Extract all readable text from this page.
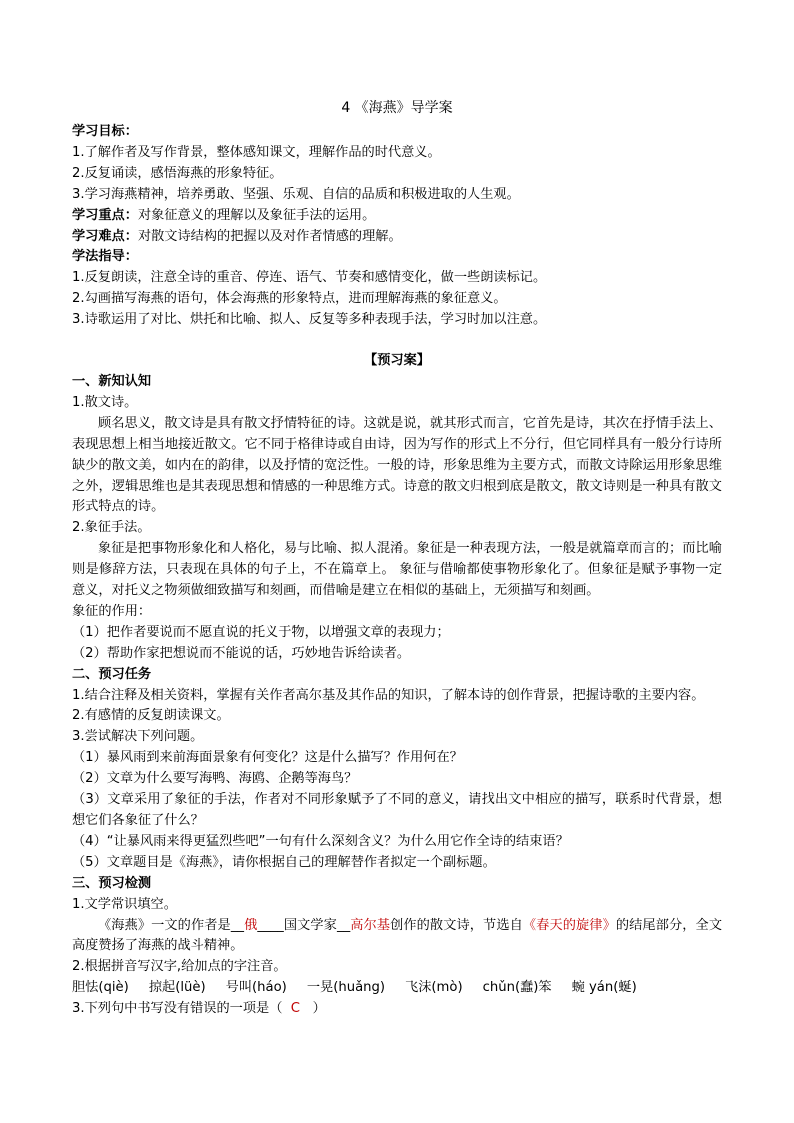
4 《海燕》导学案
学习目标：
1.了解作者及写作背景，整体感知课文，理解作品的时代意义。
2.反复诵读，感悟海燕的形象特征。
3.学习海燕精神，培养勇敢、坚强、乐观、自信的品质和积极进取的人生观。
学习重点：对象征意义的理解以及象征手法的运用。
学习难点：对散文诗结构的把握以及对作者情感的理解。
学法指导：
1.反复朗读，注意全诗的重音、停连、语气、节奏和感情变化，做一些朗读标记。
2.勾画描写海燕的语句，体会海燕的形象特点，进而理解海燕的象征意义。
3.诗歌运用了对比、烘托和比喻、拟人、反复等多种表现手法，学习时加以注意。
【预习案】
一、新知认知
1.散文诗。
顾名思义，散文诗是具有散文抒情特征的诗。这就是说，就其形式而言，它首先是诗，其次在抒情手法上、表现思想上相当地接近散文。它不同于格律诗或自由诗，因为写作的形式上不分行，但它同样具有一般分行诗所缺少的散文美，如内在的韵律，以及抒情的宽泛性。一般的诗，形象思维为主要方式，而散文诗除运用形象思维之外，逻辑思维也是其表现思想和情感的一种思维方式。诗意的散文归根到底是散文，散文诗则是一种具有散文形式特点的诗。
2.象征手法。
象征是把事物形象化和人格化，易与比喻、拟人混淆。象征是一种表现方法，一般是就篇章而言的；而比喻则是修辞方法，只表现在具体的句子上，不在篇章上。 象征与借喻都使事物形象化了。但象征是赋予事物一定意义，对托义之物须做细致描写和刻画，而借喻是建立在相似的基础上，无须描写和刻画。
象征的作用：
（1）把作者要说而不愿直说的托义于物，以增强文章的表现力；
（2）帮助作家把想说而不能说的话，巧妙地告诉给读者。
二、预习任务
1.结合注释及相关资料，掌握有关作者高尔基及其作品的知识，了解本诗的创作背景，把握诗歌的主要内容。
2.有感情的反复朗读课文。
3.尝试解决下列问题。
（1）暴风雨到来前海面景象有何变化？这是什么描写？作用何在？
（2）文章为什么要写海鸭、海鸥、企鹅等海鸟？
（3）文章采用了象征的手法，作者对不同形象赋予了不同的意义，请找出文中相应的描写，联系时代背景，想想它们各象征了什么？
（4）“让暴风雨来得更猛烈些吧”一句有什么深刻含义？为什么用它作全诗的结束语？
（5）文章题目是《海燕》，请你根据自己的理解替作者拟定一个副标题。
三、预习检测
1.文学常识填空。
《海燕》一文的作者是__俄____国文学家__高尔基创作的散文诗，节选自《春天的旋律》的结尾部分，全文高度赞扬了海燕的战斗精神。
2.根据拼音写汉字,给加点的字注音。
胆怯(qiè) 掠起(lüè) 号叫(háo) 一晃(huǎng) 飞沫(mò) chǔn(蠢)笨 蜿 yán(蜒)
3.下列句中书写没有错误的一项是（ C ）
